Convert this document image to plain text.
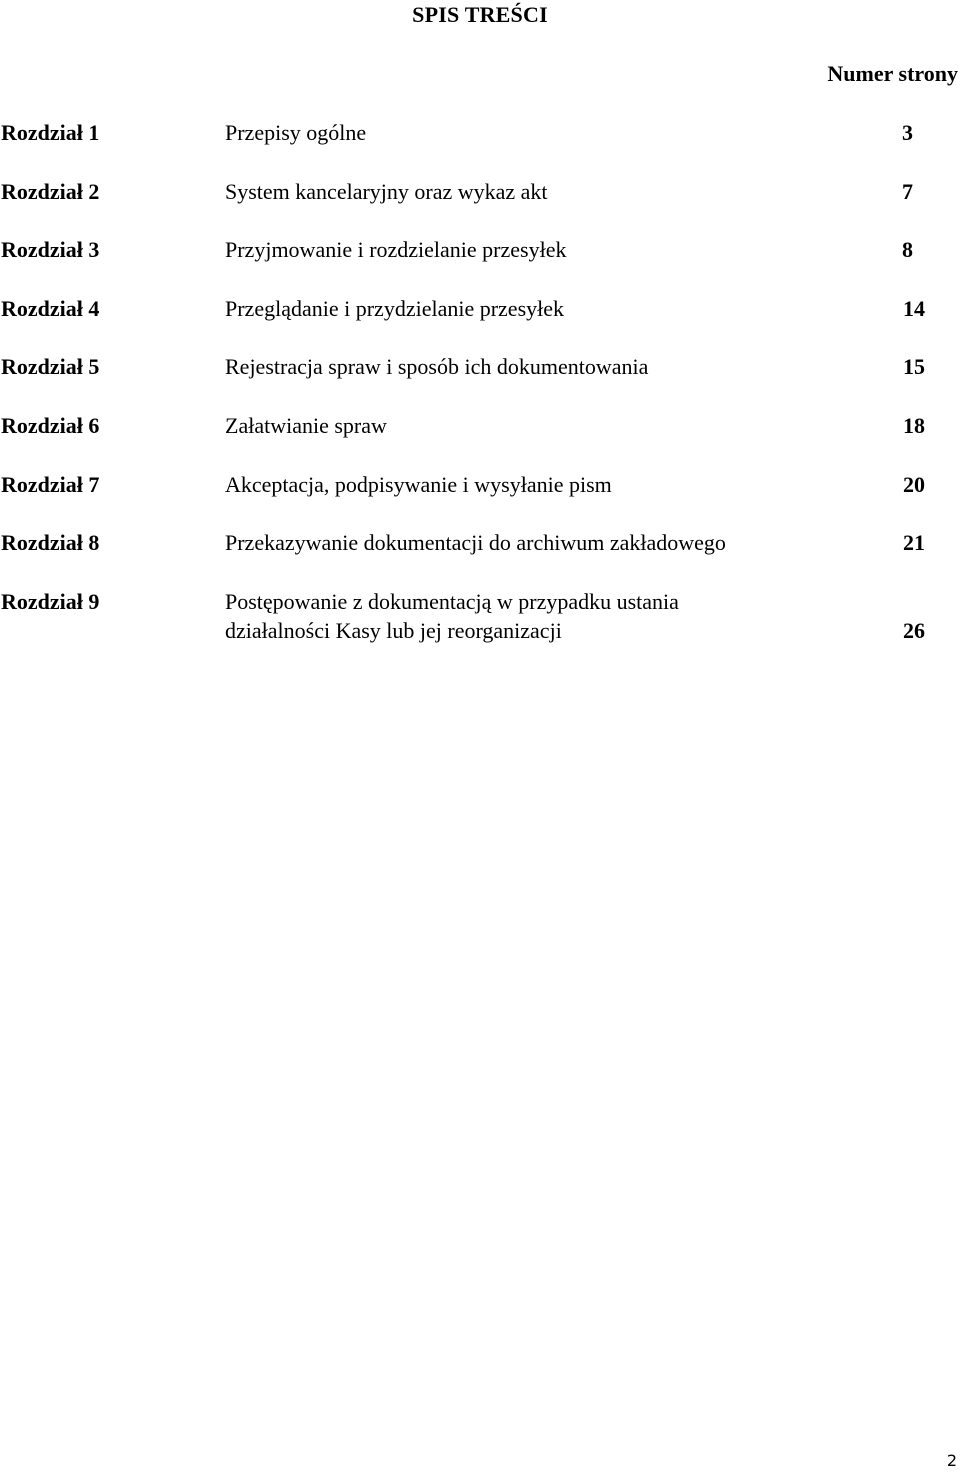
SPIS TREŚCI
Numer strony
Rozdział 1	Przepisy ogólne	3
Rozdział 2	System kancelaryjny oraz wykaz akt	7
Rozdział 3	Przyjmowanie i rozdzielanie przesyłek	8
Rozdział 4	Przeglądanie i przydzielanie przesyłek	14
Rozdział 5	Rejestracja spraw i sposób ich dokumentowania	15
Rozdział 6	Załatwianie spraw	18
Rozdział 7	Akceptacja, podpisywanie i wysyłanie pism	20
Rozdział 8	Przekazywanie dokumentacji do archiwum zakładowego	21
Rozdział 9	Postępowanie z dokumentacją w przypadku ustania
działalności Kasy lub jej reorganizacji	26
2
